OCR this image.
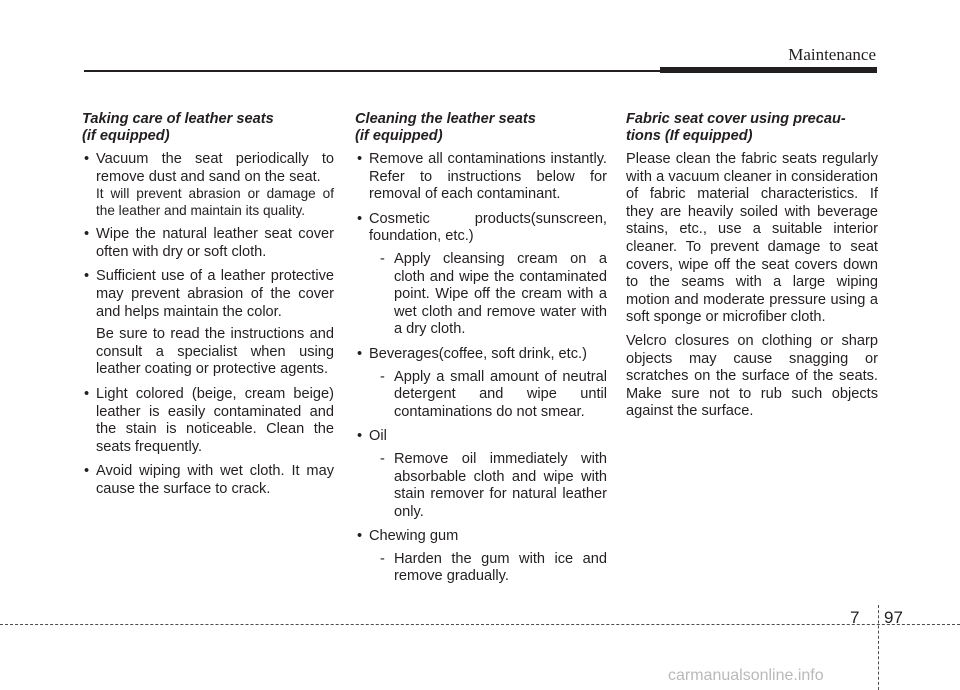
Maintenance
Taking care of leather seats
(if equipped)
• Vacuum the seat periodically to remove dust and sand on the seat.
It will prevent abrasion or damage of the leather and maintain its quality.
• Wipe the natural leather seat cover often with dry or soft cloth.
• Sufficient use of a leather protective may prevent abrasion of the cover and helps maintain the color.
Be sure to read the instructions and consult a specialist when using leather coating or protective agents.
• Light colored (beige, cream beige) leather is easily contaminated and the stain is noticeable. Clean the seats frequently.
• Avoid wiping with wet cloth. It may cause the surface to crack.
Cleaning the leather seats
(if equipped)
• Remove all contaminations instantly. Refer to instructions below for removal of each contaminant.
• Cosmetic products(sunscreen, foundation, etc.)
- Apply cleansing cream on a cloth and wipe the contaminated point. Wipe off the cream with a wet cloth and remove water with a dry cloth.
• Beverages(coffee, soft drink, etc.)
- Apply a small amount of neutral detergent and wipe until contaminations do not smear.
• Oil
- Remove oil immediately with absorbable cloth and wipe with stain remover for natural leather only.
• Chewing gum
- Harden the gum with ice and remove gradually.
Fabric seat cover using precau-
tions (If equipped)

Please clean the fabric seats regularly with a vacuum cleaner in consideration of fabric material characteristics. If they are heavily soiled with beverage stains, etc., use a suitable interior cleaner. To prevent damage to seat covers, wipe off the seat covers down to the seams with a large wiping motion and moderate pressure using a soft sponge or microfiber cloth.

Velcro closures on clothing or sharp objects may cause snagging or scratches on the surface of the seats. Make sure not to rub such objects against the surface.

7 97
carmanualsonline.info
